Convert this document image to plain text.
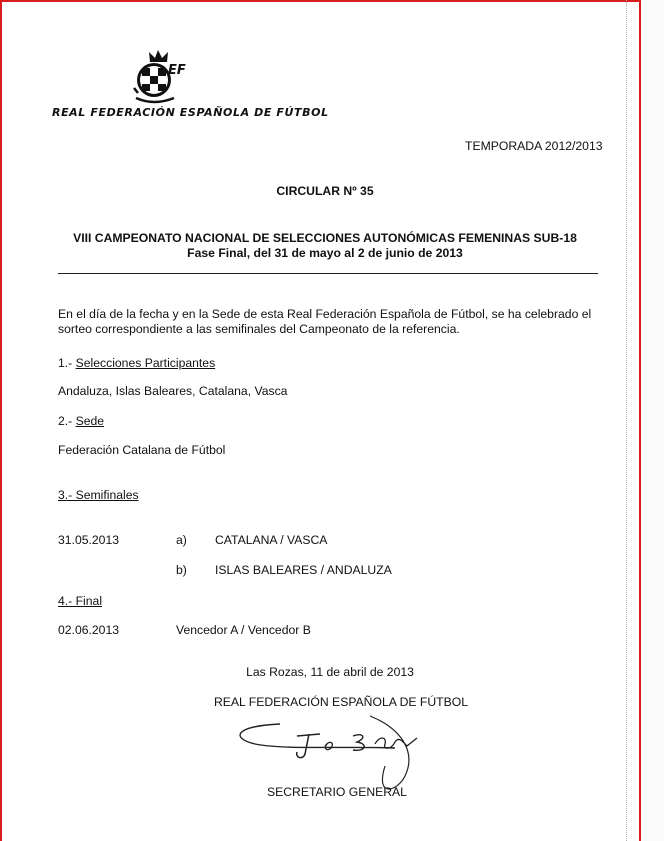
EF
REAL FEDERACIÓN ESPAÑOLA DE FÚTBOL
TEMPORADA 2012/2013
CIRCULAR Nº 35
VIII CAMPEONATO NACIONAL DE SELECCIONES AUTONÓMICAS FEMENINAS SUB-18
Fase Final, del 31 de mayo al 2 de junio de 2013
En el día de la fecha y en la Sede de esta Real Federación Española de Fútbol, se ha celebrado el
sorteo correspondiente a las semifinales del Campeonato de la referencia.
1.- Selecciones Participantes
Andaluza, Islas Baleares, Catalana, Vasca
2.- Sede
Federación Catalana de Fútbol
3.- Semifinales
31.05.2013	a) CATALANA / VASCA
b) ISLAS BALEARES / ANDALUZA
4.- Final
02.06.2013	Vencedor A / Vencedor B
Las Rozas, 11 de abril de 2013
REAL FEDERACIÓN ESPAÑOLA DE FÚTBOL
SECRETARIO GENERAL
